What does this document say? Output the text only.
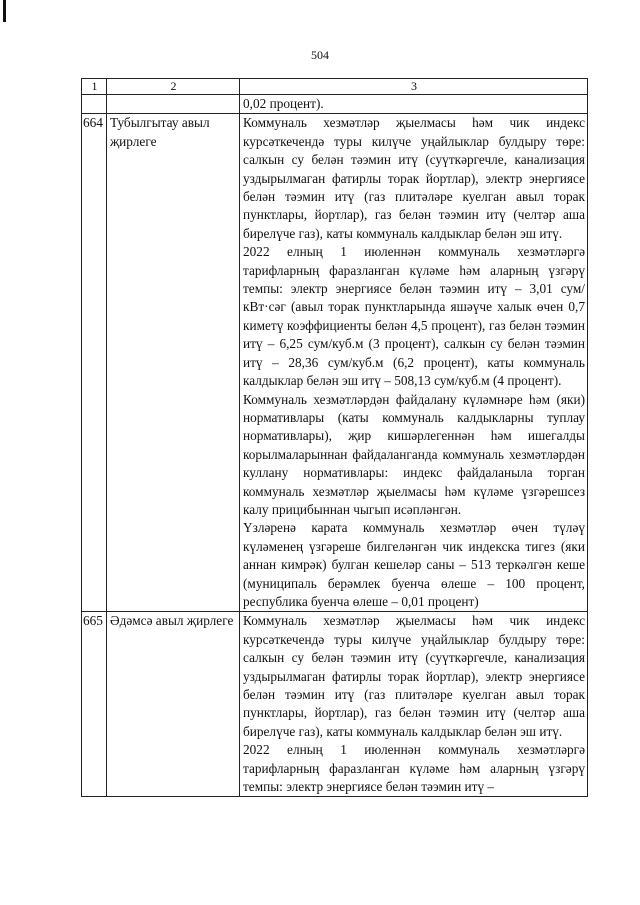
504
1	2	3
		0,02 процент).
664	Тубылгытау авыл җирлеге	Коммуналь хезмәтләр җыелмасы һәм чик индекс курсәткечендә туры килүче уңайлыклар булдыру төре: салкын су белән тәэмин итү (суүткәргечле, канализация уздырылмаган фатирлы торак йортлар), электр энергиясе белән тәэмин итү (газ плитәләре куелган авыл торак пунктлары, йортлар), газ белән тәэмин итү (челтәр аша бирелүче газ), каты коммуналь калдыклар белән эш итү.

2022 елның 1 июленнән коммуналь хезмәтләргә тарифларның фаразланган күләме һәм аларның үзгәрү темпы: электр энергиясе белән тәэмин итү – 3,01 сум/кВт·сәг (авыл торак пунктларында яшәүче халык өчен 0,7 киметү коэффициенты белән 4,5 процент), газ белән тәэмин итү – 6,25 сум/куб.м (3 процент), салкын су белән тәэмин итү – 28,36 сум/куб.м (6,2 процент), каты коммуналь калдыклар белән эш итү – 508,13 сум/куб.м (4 процент).

Коммуналь хезмәтләрдән файдалану күләмнәре һәм (яки) нормативлары (каты коммуналь калдыкларны туплау нормативлары), җир кишәрлегеннән һәм ишегалды корылмаларыннан файдаланганда коммуналь хезмәтләрдән куллану нормативлары: индекс файдаланыла торган коммуналь хезмәтләр җыелмасы һәм күләме үзгәрешсез калу прицибыннан чыгып исәпләнгән.

Үзләренә карата коммуналь хезмәтләр өчен түләү күләменең үзгәреше билгеләнгән чик индекска тигез (яки аннан кимрәк) булган кешеләр саны – 513 теркәлгән кеше (муниципаль берәмлек буенча өлеше – 100 процент, республика буенча өлеше – 0,01 процент)

665	Әдәмсә авыл җирлеге	Коммуналь хезмәтләр җыелмасы һәм чик индекс курсәткечендә туры килүче уңайлыклар булдыру төре: салкын су белән тәэмин итү (суүткәргечле, канализация уздырылмаган фатирлы торак йортлар), электр энергиясе белән тәэмин итү (газ плитәләре куелган авыл торак пунктлары, йортлар), газ белән тәэмин итү (челтәр аша бирелүче газ), каты коммуналь калдыклар белән эш итү.

2022 елның 1 июленнән коммуналь хезмәтләргә тарифларның фаразланган күләме һәм аларның үзгәрү темпы: электр энергиясе белән тәэмин итү –
